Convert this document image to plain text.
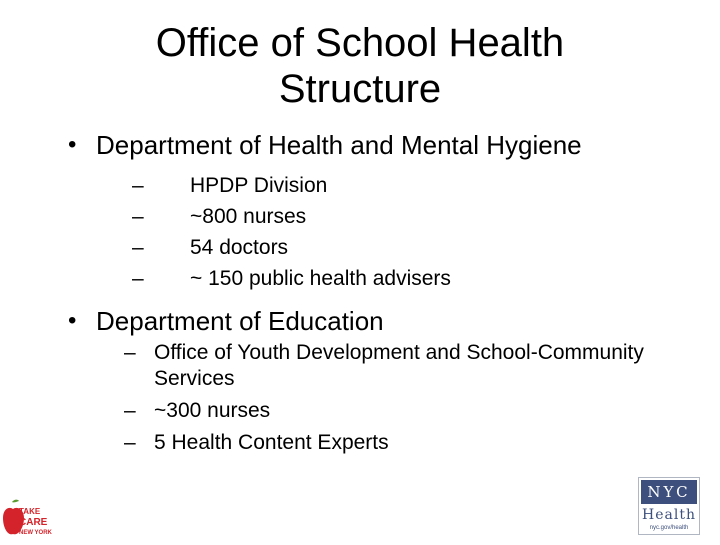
Office of School Health
Structure
• Department of Health and Mental Hygiene
– HPDP Division
– ~800 nurses
– 54 doctors
– ~ 150 public health advisers
• Department of Education
– Office of Youth Development and School-Community Services
– ~300 nurses
– 5 Health Content Experts
TAKE
CARE
NEW YORK
NYC
Health
nyc.gov/health
